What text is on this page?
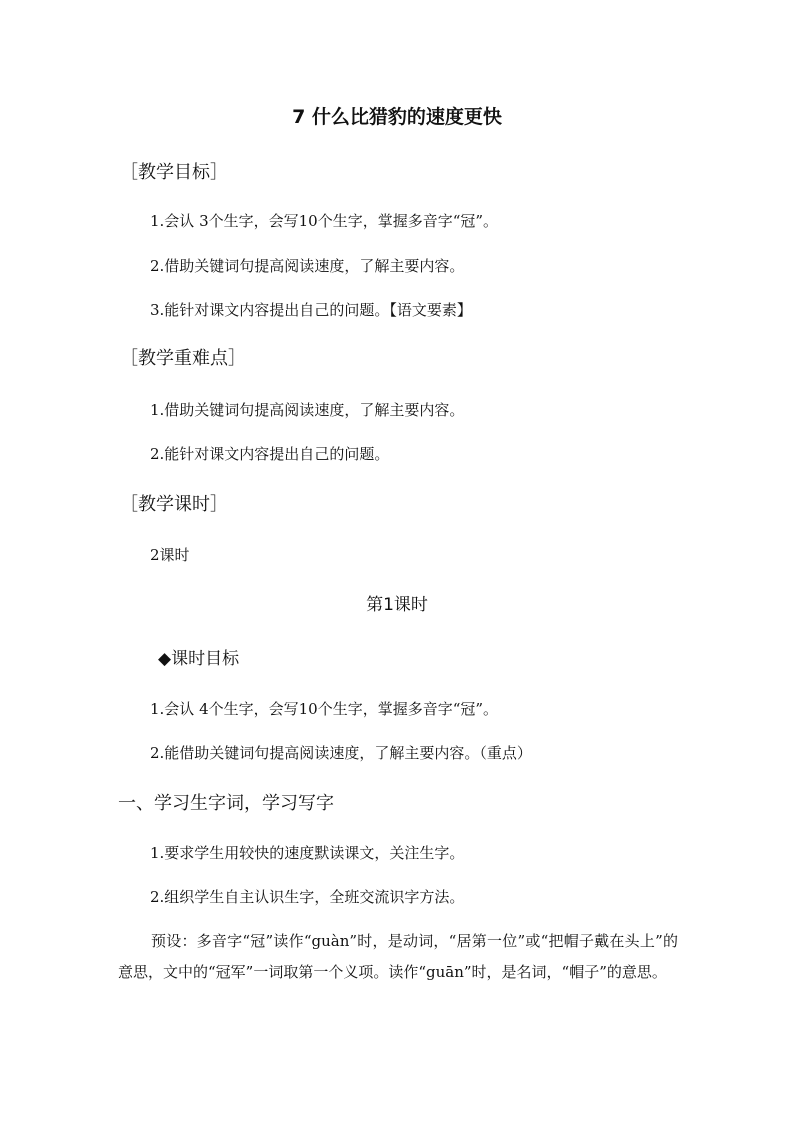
7 什么比猎豹的速度更快
［教学目标］
1.会认 3个生字，会写10个生字，掌握多音字“冠”。
2.借助关键词句提高阅读速度，了解主要内容。
3.能针对课文内容提出自己的问题。【语文要素】
［教学重难点］
1.借助关键词句提高阅读速度，了解主要内容。
2.能针对课文内容提出自己的问题。
［教学课时］
2课时
第1课时
◆课时目标
1.会认 4个生字，会写10个生字，掌握多音字“冠”。
2.能借助关键词句提高阅读速度，了解主要内容。（重点）
一、学习生字词，学习写字
1.要求学生用较快的速度默读课文，关注生字。
2.组织学生自主认识生字，全班交流识字方法。
预设：多音字“冠”读作“guàn”时，是动词，“居第一位”或“把帽子戴在头上”的意思，文中的“冠军”一词取第一个义项。读作“guān”时，是名词，“帽子”的意思。
